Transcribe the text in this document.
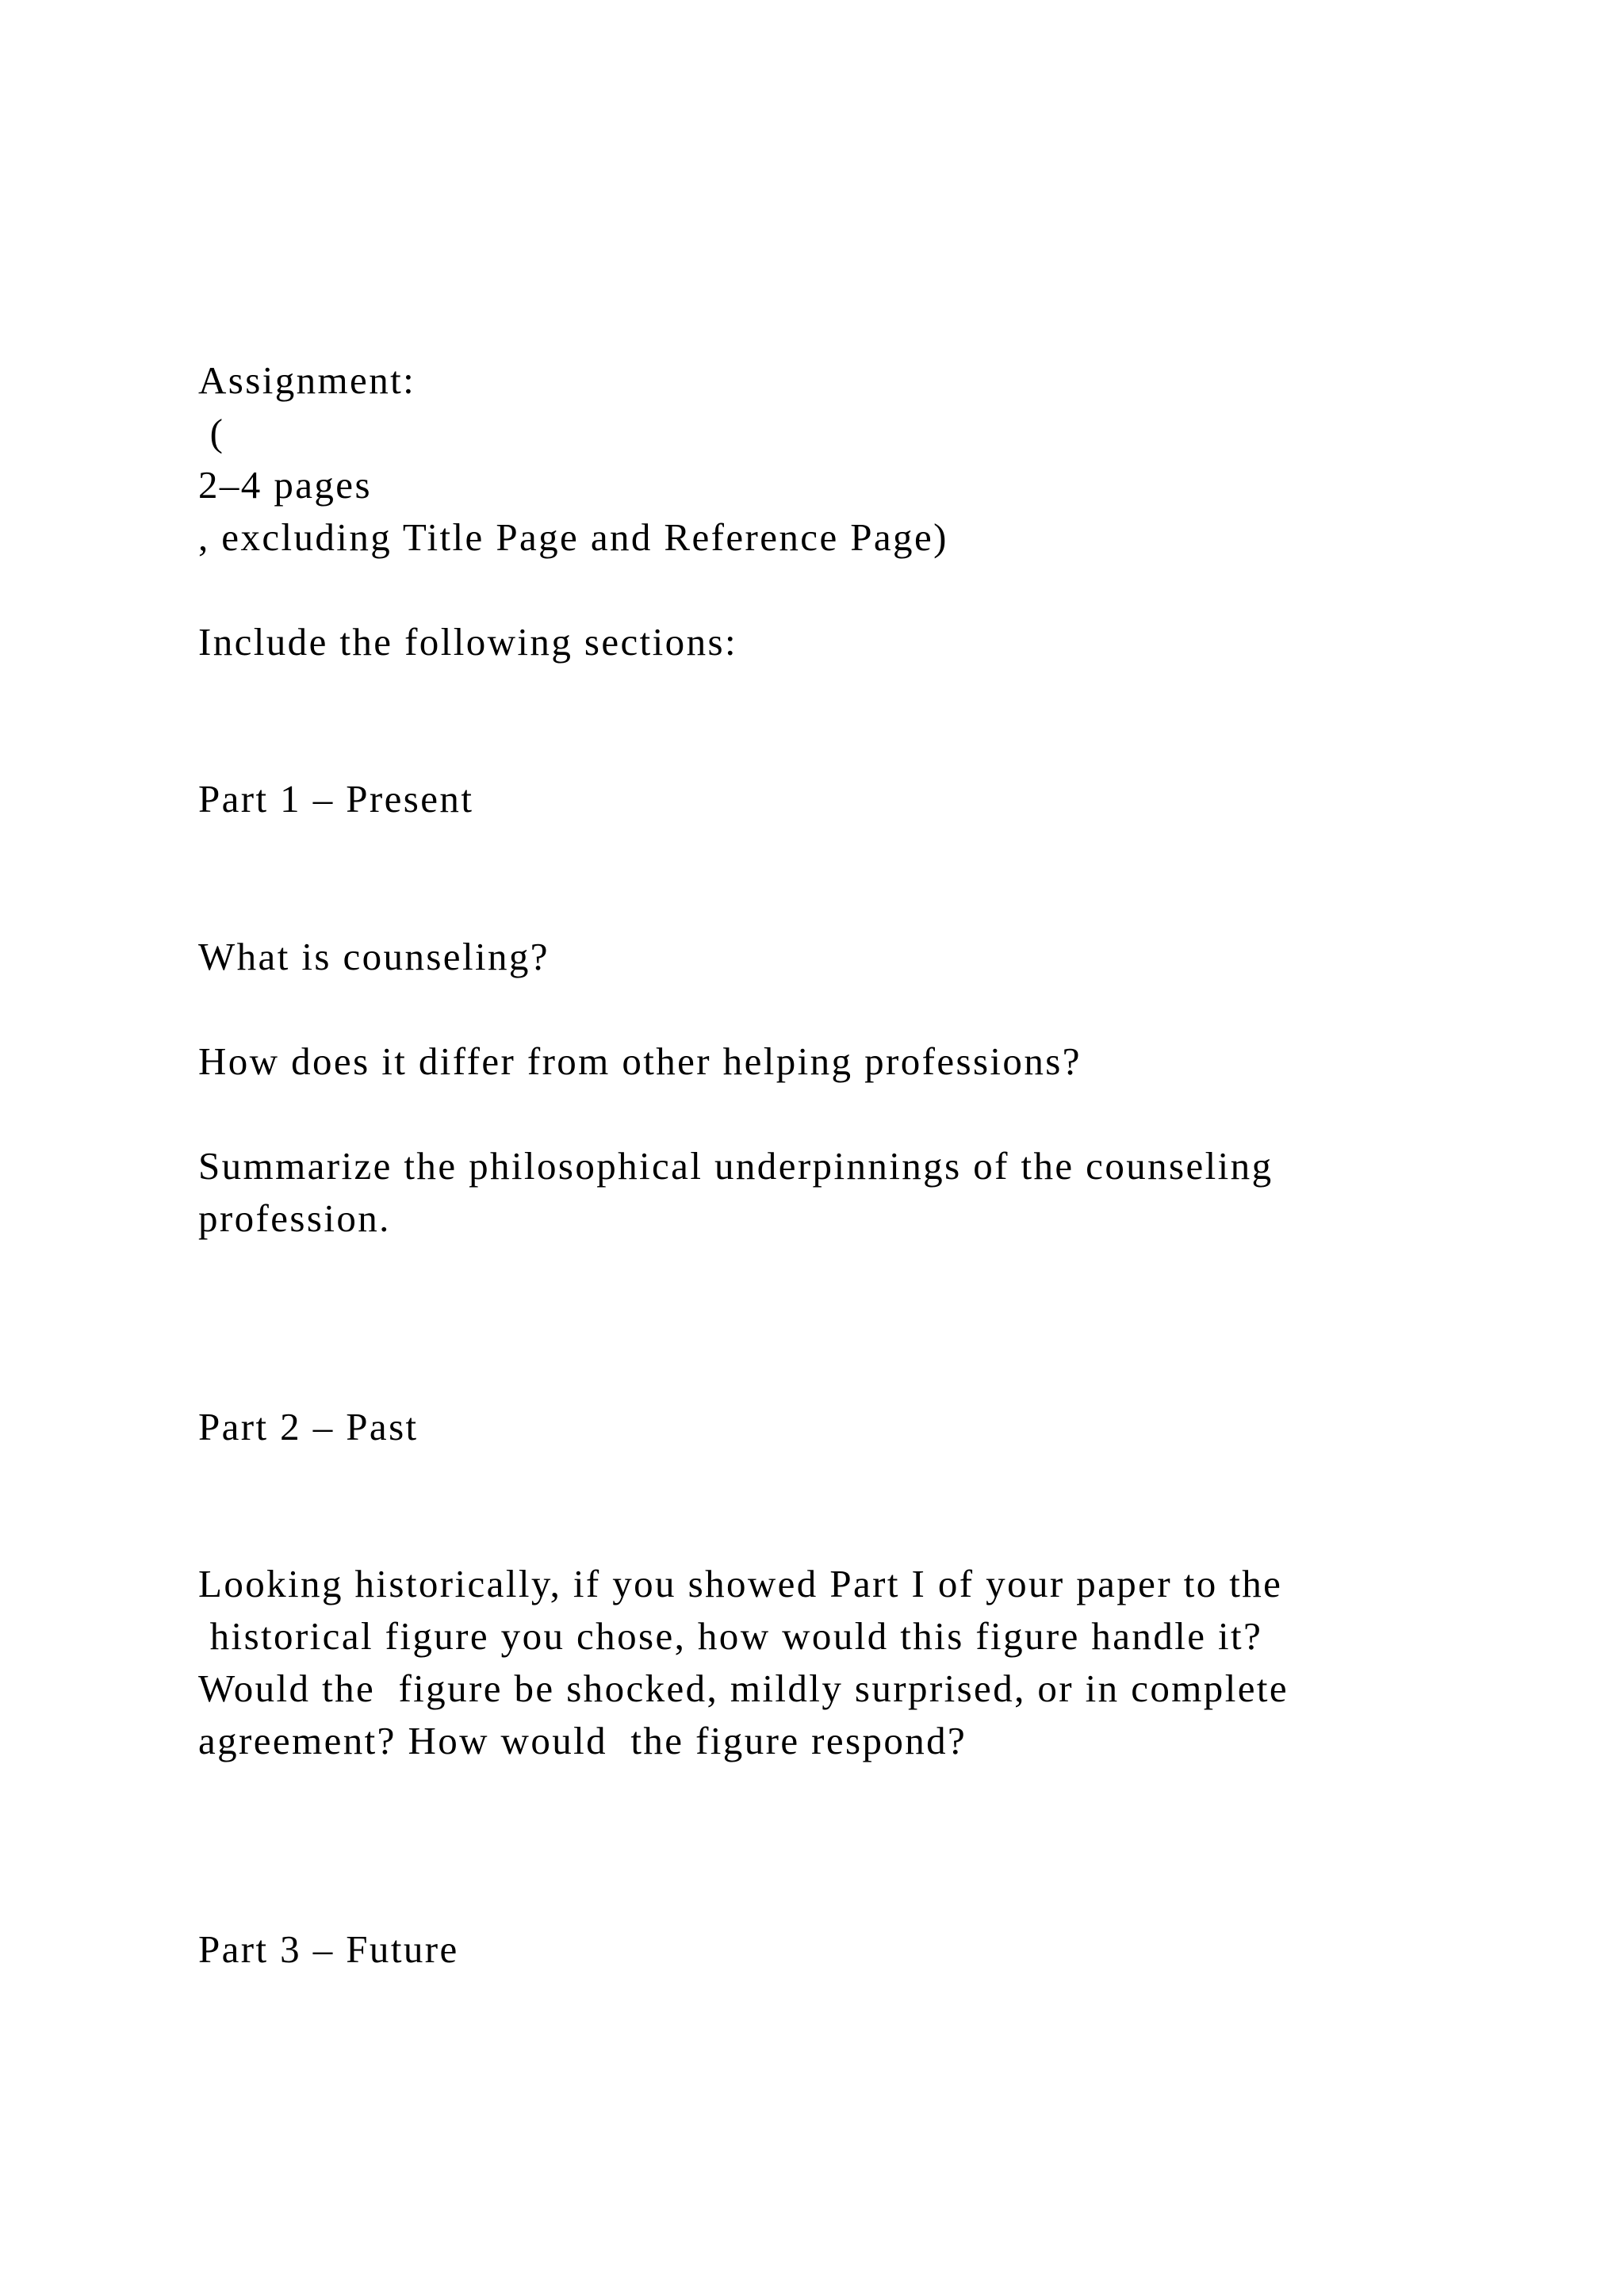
Assignment:

(

2–4 pages

, excluding Title Page and Reference Page)

Include the following sections:

Part 1 – Present

What is counseling?

How does it differ from other helping professions?

Summarize the philosophical underpinnings of the counseling

profession.

Part 2 – Past

Looking historically, if you showed Part I of your paper to the

historical figure you chose, how would this figure handle it?

Would the  figure be shocked, mildly surprised, or in complete

agreement? How would  the figure respond?

Part 3 – Future
